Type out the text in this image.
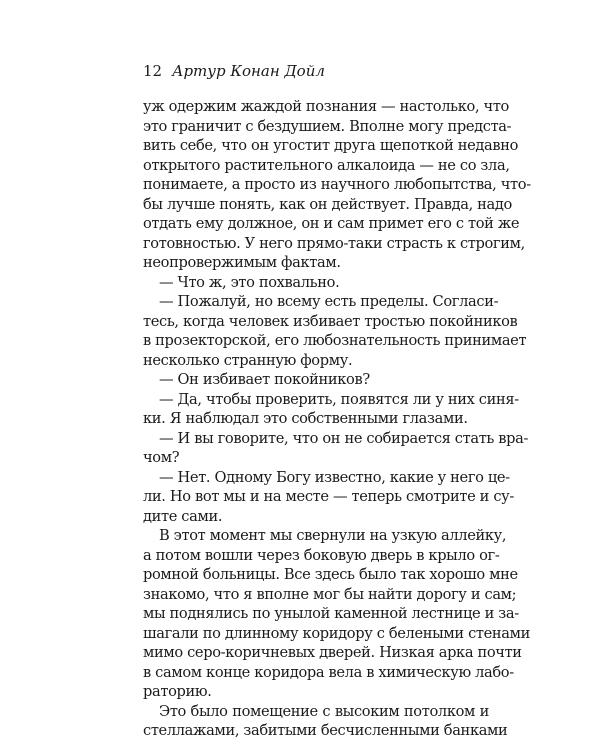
12 Артур Конан Дойл
уж одержим жаждой познания — настолько, что
это граничит с бездушием. Вполне могу предста-
вить себе, что он угостит друга щепоткой недавно
открытого растительного алкалоида — не со зла,
понимаете, а просто из научного любопытства, что-
бы лучше понять, как он действует. Правда, надо
отдать ему должное, он и сам примет его с той же
готовностью. У него прямо-таки страсть к строгим,
неопровержимым фактам.
— Что ж, это похвально.
— Пожалуй, но всему есть пределы. Согласи-
тесь, когда человек избивает тростью покойников
в прозекторской, его любознательность принимает
несколько странную форму.
— Он избивает покойников?
— Да, чтобы проверить, появятся ли у них синя-
ки. Я наблюдал это собственными глазами.
— И вы говорите, что он не собирается стать вра-
чом?
— Нет. Одному Богу известно, какие у него це-
ли. Но вот мы и на месте — теперь смотрите и су-
дите сами.
В этот момент мы свернули на узкую аллейку,
а потом вошли через боковую дверь в крыло ог-
ромной больницы. Все здесь было так хорошо мне
знакомо, что я вполне мог бы найти дорогу и сам;
мы поднялись по унылой каменной лестнице и за-
шагали по длинному коридору с белеными стенами
мимо серо-коричневых дверей. Низкая арка почти
в самом конце коридора вела в химическую лабо-
раторию.
Это было помещение с высоким потолком и
стеллажами, забитыми бесчисленными банками
